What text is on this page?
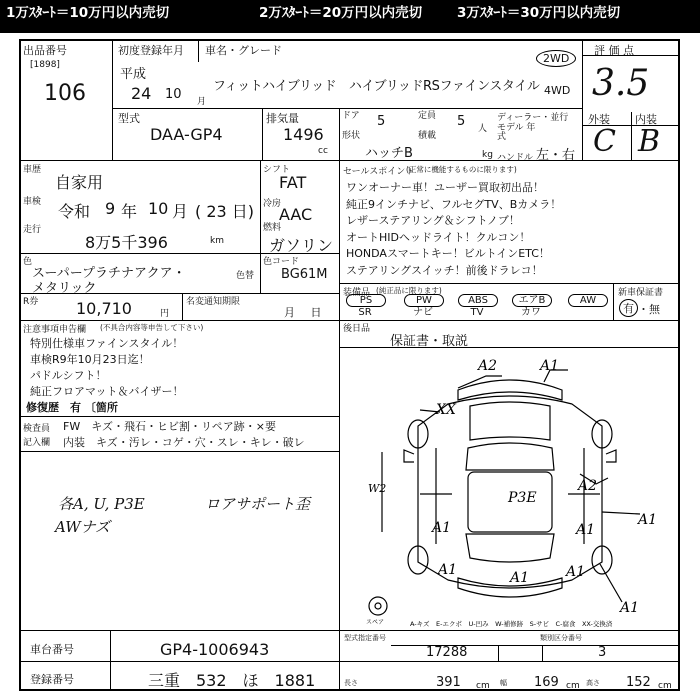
1万ｽﾀｰﾄ＝10万円以内売切	2万ｽﾀｰﾄ＝20万円以内売切	3万ｽﾀｰﾄ＝30万円以内売切
出品番号
[1898]
106
初度登録年月
平成
24 10 月
車名・グレード
フィットハイブリッド　ハイブリッドRSファインスタイル
2WD
4WD
評 価 点
3.5
外装 内装
C B
型式
DAA-GP4
排気量
1496
cc
ドア 5	定員 5 人
ディーラー・並行
形状	積載
モデル 年式
ハッチB	kg ハンドル 左・右
車歴
自家用
車検 令和 9 年 10 月 ( 23 日)
走行
8万5千396	km
シフト
FAT
冷房
AAC
燃料
ガソリン
色
スーパープラチナアクア・
メタリック
色替
色コード
BG61M
R券 10,710	円
名変通知期限
月 日
セールスポイント
(正常に機能するものに限ります)
ワンオーナー車！ユーザー買取初出品！
純正9インチナビ、フルセグTV、Bカメラ！
レザーステアリング＆シフトノブ！
オートHIDヘッドライト！クルコン！
HONDAスマートキー！ビルトインETC！
ステアリングスイッチ！前後ドラレコ！
装備品 (純正品に限ります)
PS	PW	ABS	エアB	AW
SR	ナビ	TV	カワ
新車保証書
有 ・無
注意事項申告欄 (不具合内容等申告して下さい)
特別仕様車ファインスタイル！
車検R9年10月23日迄！
パドルシフト！
純正フロアマット＆バイザー！
修復歴　有 〔箇所
後日品
保証書・取説
検査員 FW　キズ・飛石・ヒビ割・リペア跡・×要
記入欄 内装　キズ・汚レ・コゲ・穴・スレ・キレ・破レ
各A, U, P3E
AWナズ
ロアサポート歪
A2	A1
XX
A2
A1
A1	A1
A1	A1	A1
A1
P3E
W2
スペア	A-キズ　E-エクボ　U-凹み　W-補修跡　S-サビ　C-腐食　XX-交換済
車台番号	GP4-1006943
登録番号	三重　532　ほ　1881
型式指定番号
17288
類別区分番号
3
長さ	391 cm 幅 169 cm 高さ 152 cm
